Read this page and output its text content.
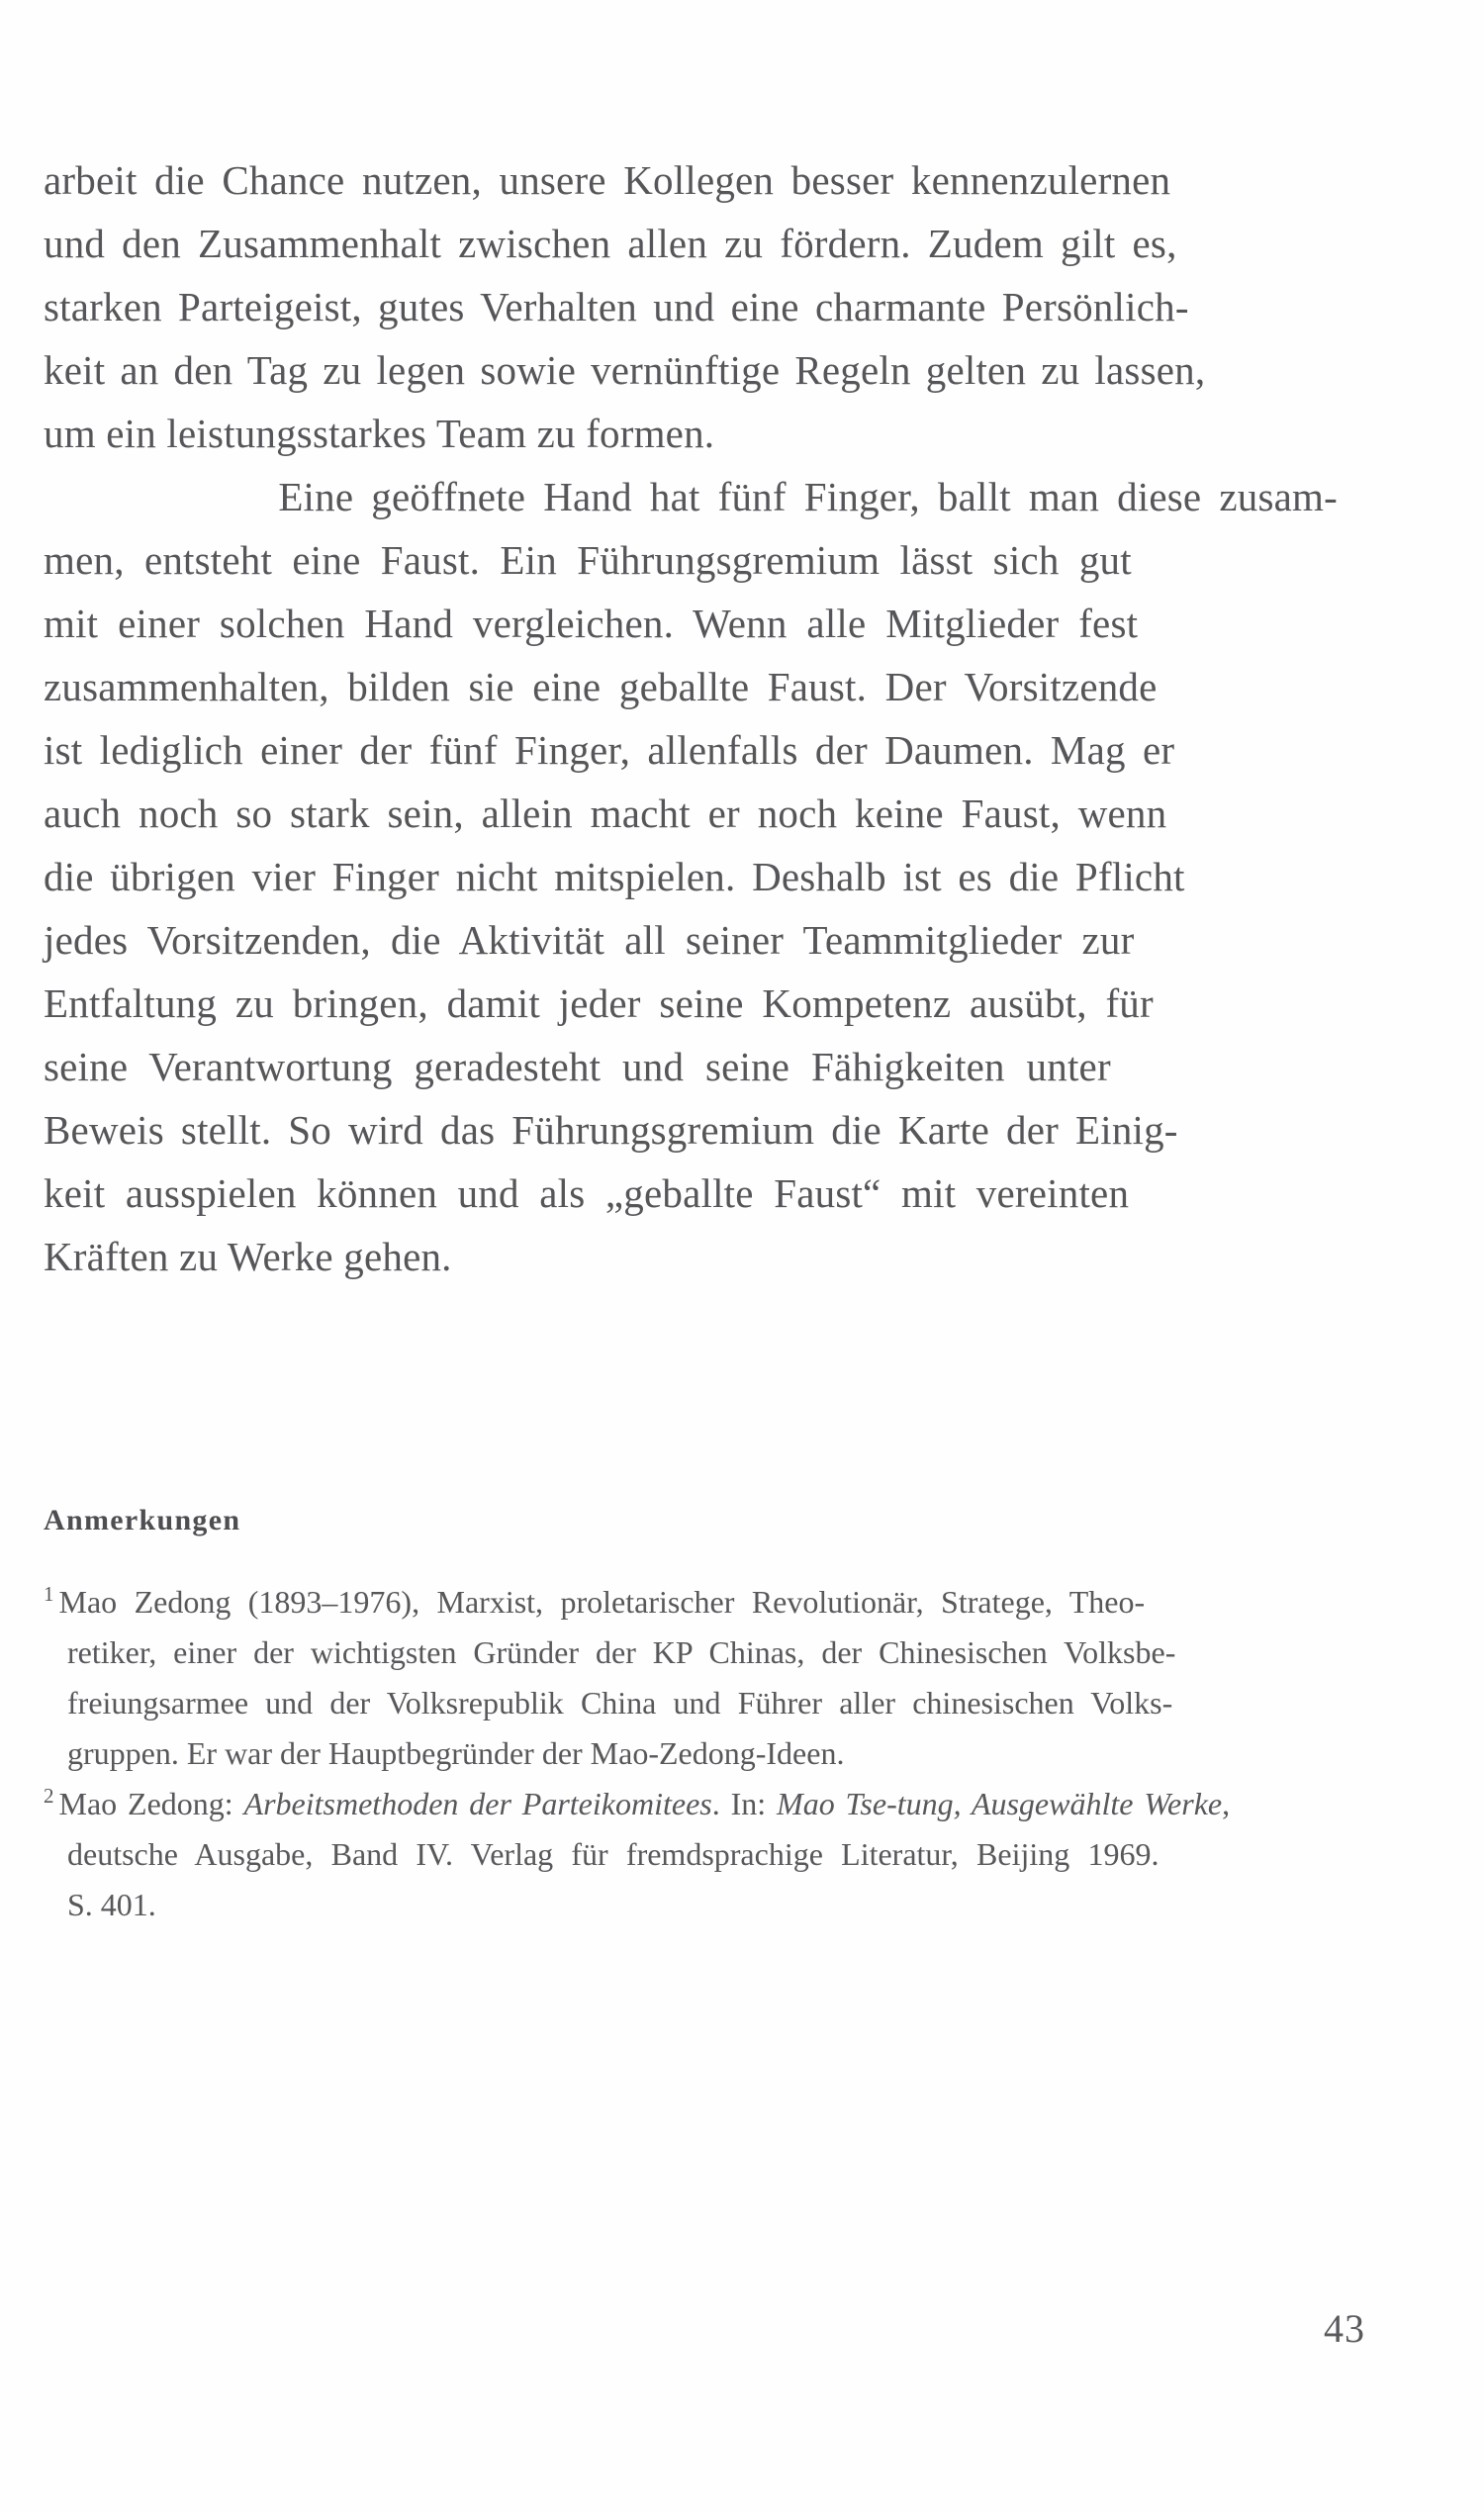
arbeit die Chance nutzen, unsere Kollegen besser kennenzulernen
und den Zusammenhalt zwischen allen zu fördern. Zudem gilt es,
starken Parteigeist, gutes Verhalten und eine charmante Persönlich-
keit an den Tag zu legen sowie vernünftige Regeln gelten zu lassen,
um ein leistungsstarkes Team zu formen.
Eine geöffnete Hand hat fünf Finger, ballt man diese zusam-
men, entsteht eine Faust. Ein Führungsgremium lässt sich gut
mit einer solchen Hand vergleichen. Wenn alle Mitglieder fest
zusammenhalten, bilden sie eine geballte Faust. Der Vorsitzende
ist lediglich einer der fünf Finger, allenfalls der Daumen. Mag er
auch noch so stark sein, allein macht er noch keine Faust, wenn
die übrigen vier Finger nicht mitspielen. Deshalb ist es die Pflicht
jedes Vorsitzenden, die Aktivität all seiner Teammitglieder zur
Entfaltung zu bringen, damit jeder seine Kompetenz ausübt, für
seine Verantwortung geradesteht und seine Fähigkeiten unter
Beweis stellt. So wird das Führungsgremium die Karte der Einig-
keit ausspielen können und als „geballte Faust“ mit vereinten
Kräften zu Werke gehen.
Anmerkungen
$^1$ Mao Zedong (1893–1976), Marxist, proletarischer Revolutionär, Stratege, Theo-
retiker, einer der wichtigsten Gründer der KP Chinas, der Chinesischen Volksbe-
freiungsarmee und der Volksrepublik China und Führer aller chinesischen Volks-
gruppen. Er war der Hauptbegründer der Mao-Zedong-Ideen.
$^2$ Mao Zedong: Arbeitsmethoden der Parteikomitees. In: Mao Tse-tung, Ausgewählte Werke,
deutsche Ausgabe, Band IV. Verlag für fremdsprachige Literatur, Beijing 1969.
S. 401.
43
